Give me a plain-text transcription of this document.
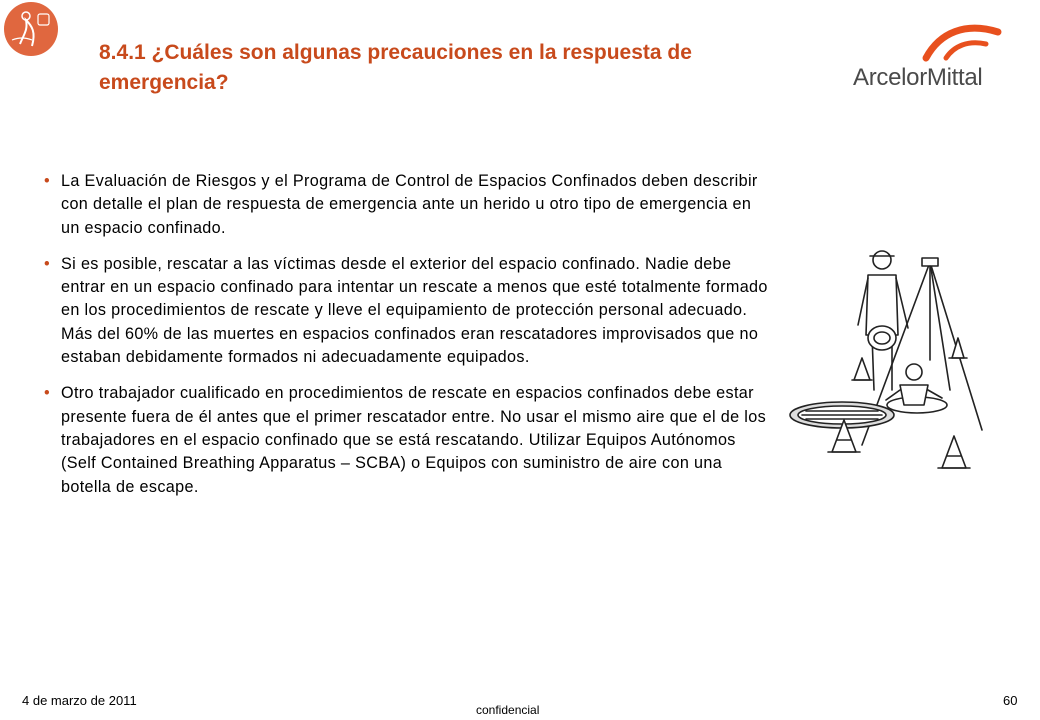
8.4.1 ¿Cuáles son algunas precauciones en la respuesta de emergencia?	ArcelorMittal
• La Evaluación de Riesgos y el Programa de Control de Espacios Confinados deben describir con detalle el plan de respuesta de emergencia ante un herido u otro tipo de emergencia en un espacio confinado.
• Si es posible, rescatar a las víctimas desde el exterior del espacio confinado. Nadie debe entrar en un espacio confinado para intentar un rescate a menos que esté totalmente formado en los procedimientos de rescate y lleve el equipamiento de protección personal adecuado. Más del 60% de las muertes en espacios confinados eran rescatadores improvisados que no estaban debidamente formados ni adecuadamente equipados.
• Otro trabajador cualificado en procedimientos de rescate en espacios confinados debe estar presente fuera de él antes que el primer rescatador entre. No usar el mismo aire que el de los trabajadores en el espacio confinado que se está rescatando. Utilizar Equipos Autónomos (Self Contained Breathing Apparatus – SCBA) o Equipos con suministro de aire con una botella de escape.
4 de marzo de 2011
confidencial
60
